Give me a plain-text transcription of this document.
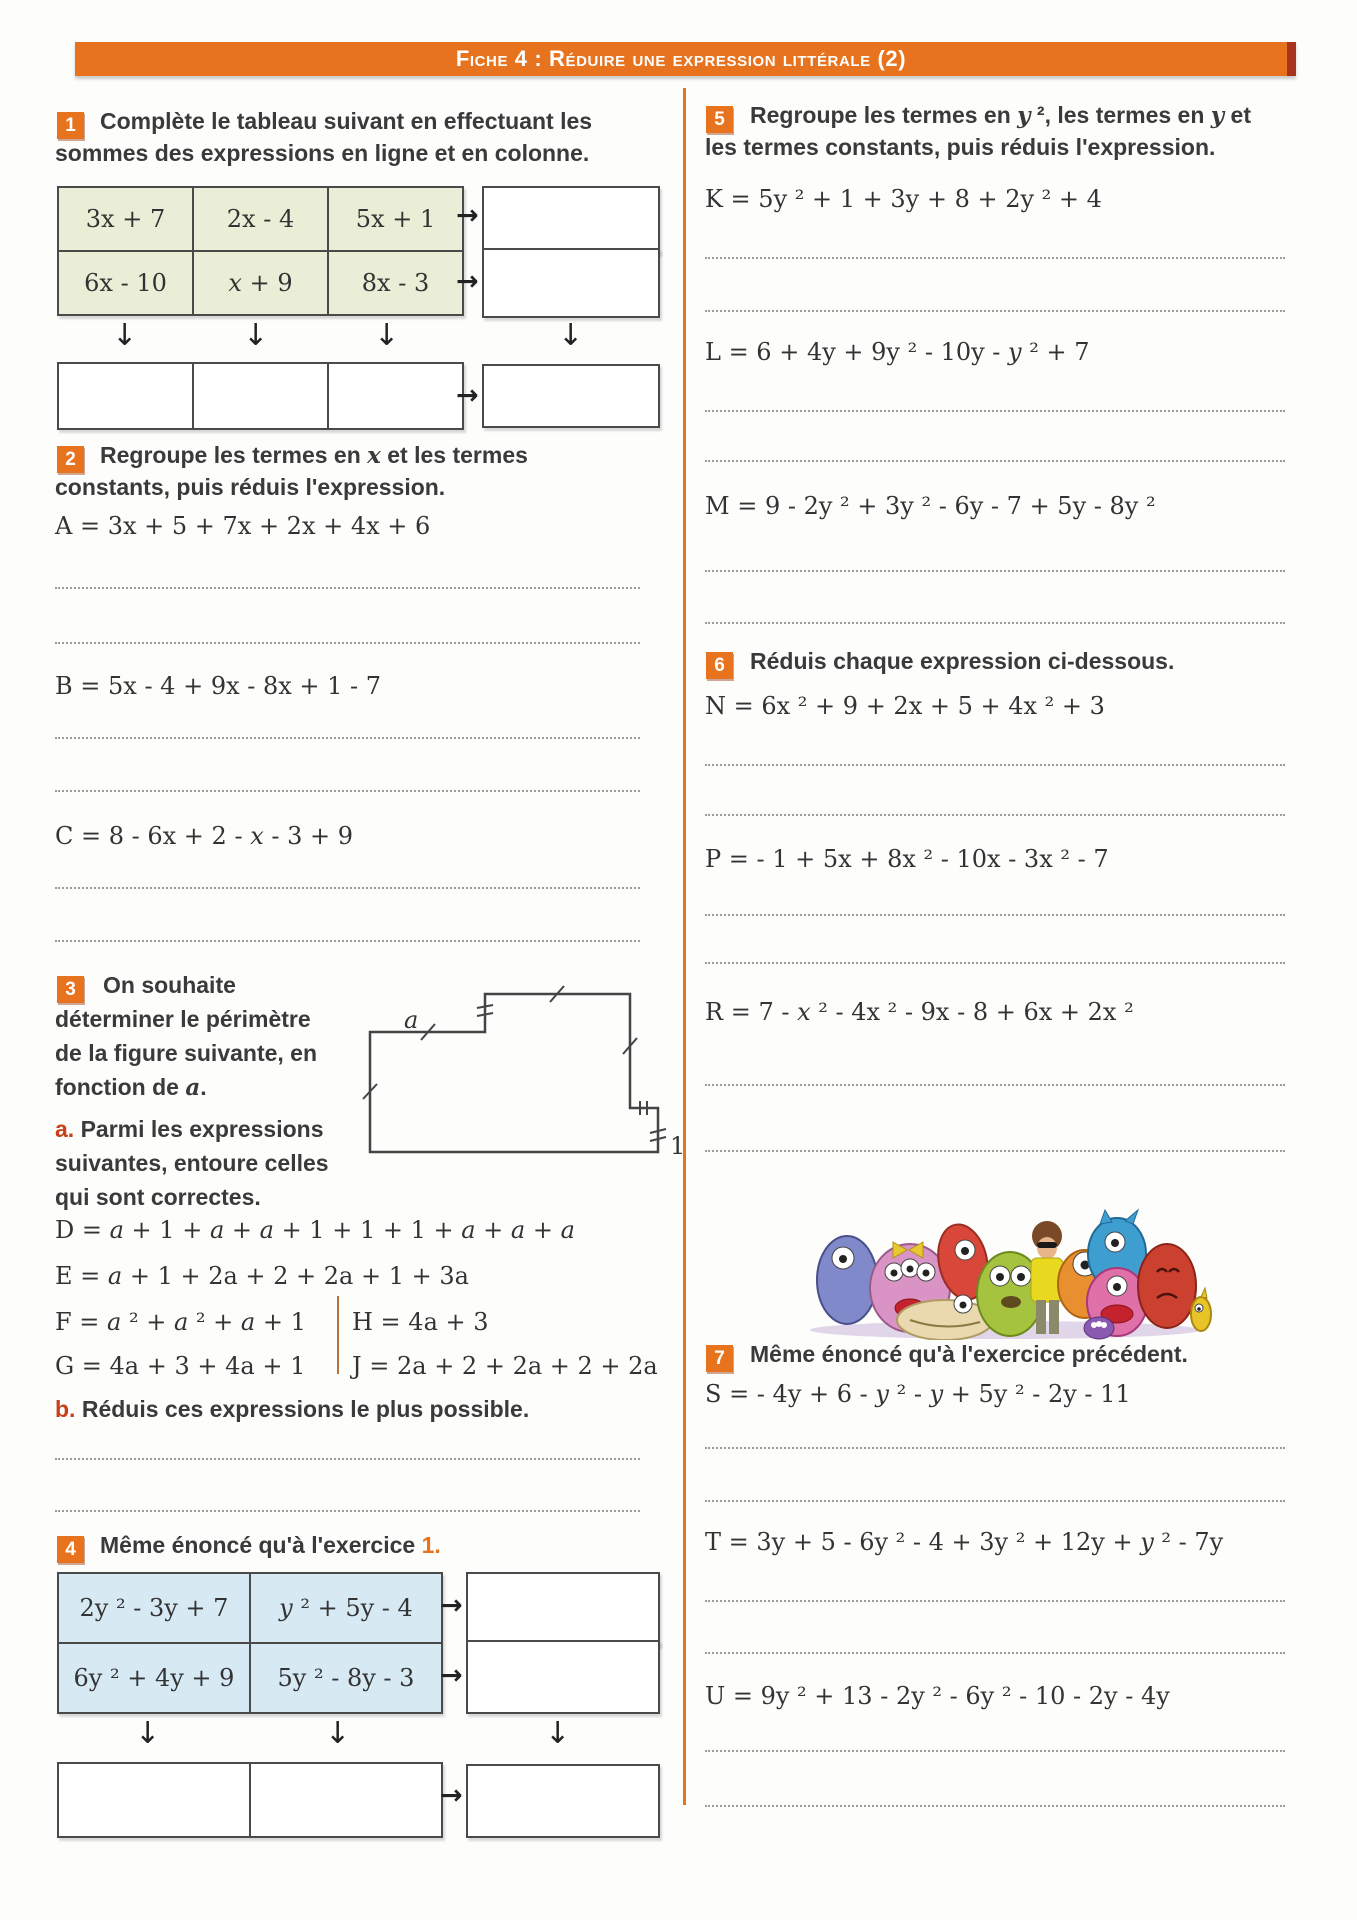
Fiche 4 : Réduire une expression littérale (2)
1	Complète le tableau suivant en effectuant les
sommes des expressions en ligne et en colonne.
3x + 7	2x - 4	5x + 1
6x - 10	x + 9	8x - 3
→
→
↓	↓	↓	↓

→
2	Regroupe les termes en x et les termes
constants, puis réduis l'expression.
A = 3x + 5 + 7x + 2x + 4x + 6
B = 5x - 4 + 9x - 8x + 1 - 7
C = 8 - 6x + 2 - x - 3 + 9
3	On souhaite
déterminer le périmètre
de la figure suivante, en
fonction de a.
a. Parmi les expressions
suivantes, entoure celles
qui sont correctes.
a
1
D = a + 1 + a + a + 1 + 1 + 1 + a + a + a
E = a + 1 + 2a + 2 + 2a + 1 + 3a
F = a ² + a ² + a + 1 H = 4a + 3
G = 4a + 3 + 4a + 1 J = 2a + 2 + 2a + 2 + 2a
b. Réduis ces expressions le plus possible.
4	Même énoncé qu'à l'exercice 1.
2y ² - 3y + 7	y ² + 5y - 4
6y ² + 4y + 9	5y ² - 8y - 3
→
→
↓	↓	↓

→
5	Regroupe les termes en y ², les termes en y et
les termes constants, puis réduis l'expression.
K = 5y ² + 1 + 3y + 8 + 2y ² + 4
L = 6 + 4y + 9y ² - 10y - y ² + 7
M = 9 - 2y ² + 3y ² - 6y - 7 + 5y - 8y ²
6	Réduis chaque expression ci-dessous.
N = 6x ² + 9 + 2x + 5 + 4x ² + 3
P = - 1 + 5x + 8x ² - 10x - 3x ² - 7
R = 7 - x ² - 4x ² - 9x - 8 + 6x + 2x ²
7	Même énoncé qu'à l'exercice précédent.
S = - 4y + 6 - y ² - y + 5y ² - 2y - 11
T = 3y + 5 - 6y ² - 4 + 3y ² + 12y + y ² - 7y
U = 9y ² + 13 - 2y ² - 6y ² - 10 - 2y - 4y
